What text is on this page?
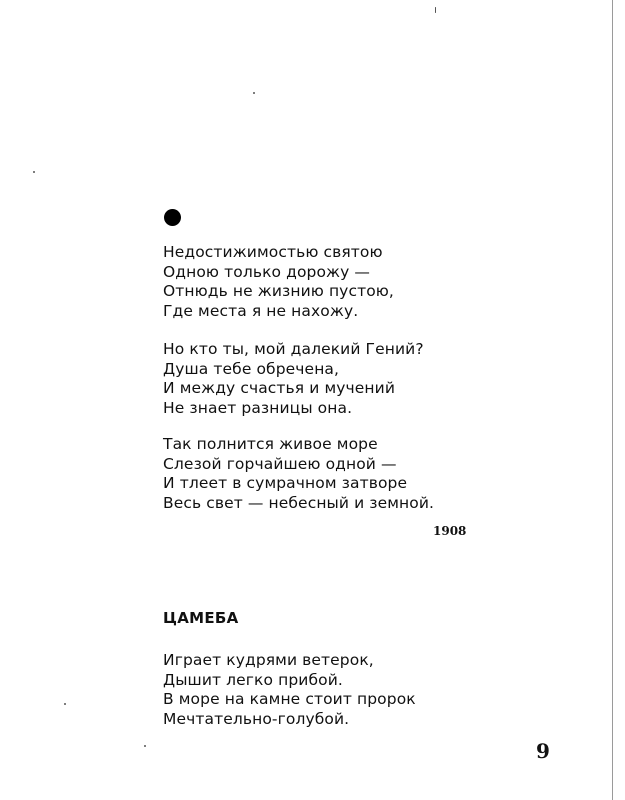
Недостижимостью святою
Одною только дорожу —
Отнюдь не жизнию пустою,
Где места я не нахожу.
Но кто ты, мой далекий Гений?
Душа тебе обречена,
И между счастья и мучений
Не знает разницы она.
Так полнится живое море
Слезой горчайшею одной —
И тлеет в сумрачном затворе
Весь свет — небесный и земной.
1908
ЦАМЕБА
Играет кудрями ветерок,
Дышит легко прибой.
В море на камне стоит пророк
Мечтательно-голубой.
9
